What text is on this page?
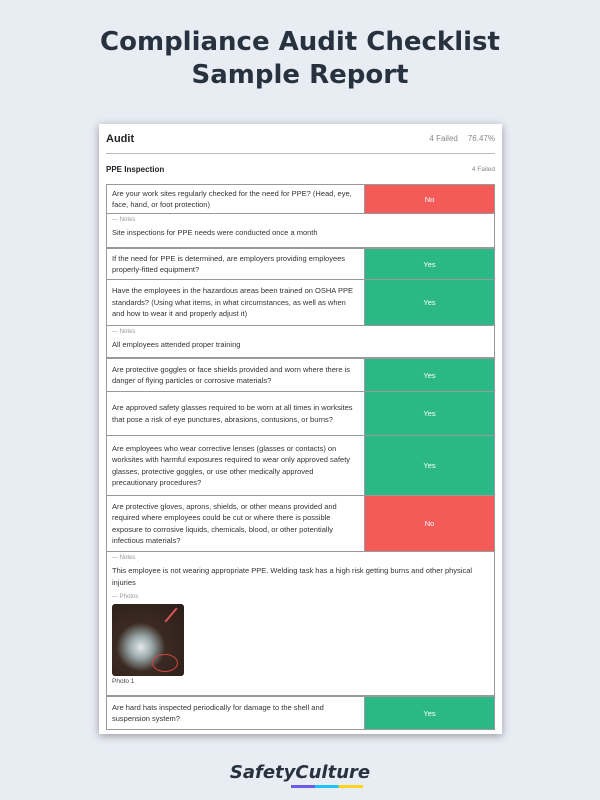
Compliance Audit Checklist
Sample Report
Audit	4 Failed 76.47%
PPE Inspection	4 Failed
Are your work sites regularly checked for the need for PPE? (Head, eye, face, hand, or foot protection)
No
— Notes
Site inspections for PPE needs were conducted once a month
If the need for PPE is determined, are employers providing employees properly-fitted equipment?
Yes
Have the employees in the hazardous areas been trained on OSHA PPE standards? (Using what items, in what circumstances, as well as when and how to wear it and properly adjust it)
Yes
— Notes
All employees attended proper training
Are protective goggles or face shields provided and worn where there is danger of flying particles or corrosive materials?
Yes
Are approved safety glasses required to be worn at all times in worksites that pose a risk of eye punctures, abrasions, contusions, or burns?
Yes
Are employees who wear corrective lenses (glasses or contacts) on worksites with harmful exposures required to wear only approved safety glasses, protective goggles, or use other medically approved precautionary procedures?
Yes
Are protective gloves, aprons, shields, or other means provided and required where employees could be cut or where there is possible exposure to corrosive liquids, chemicals, blood, or other potentially infectious materials?
No
— Notes
This employee is not wearing appropriate PPE. Welding task has a high risk getting burns and other physical injuries
— Photos
Photo 1
Are hard hats inspected periodically for damage to the shell and suspension system?
Yes
SafetyCulture
